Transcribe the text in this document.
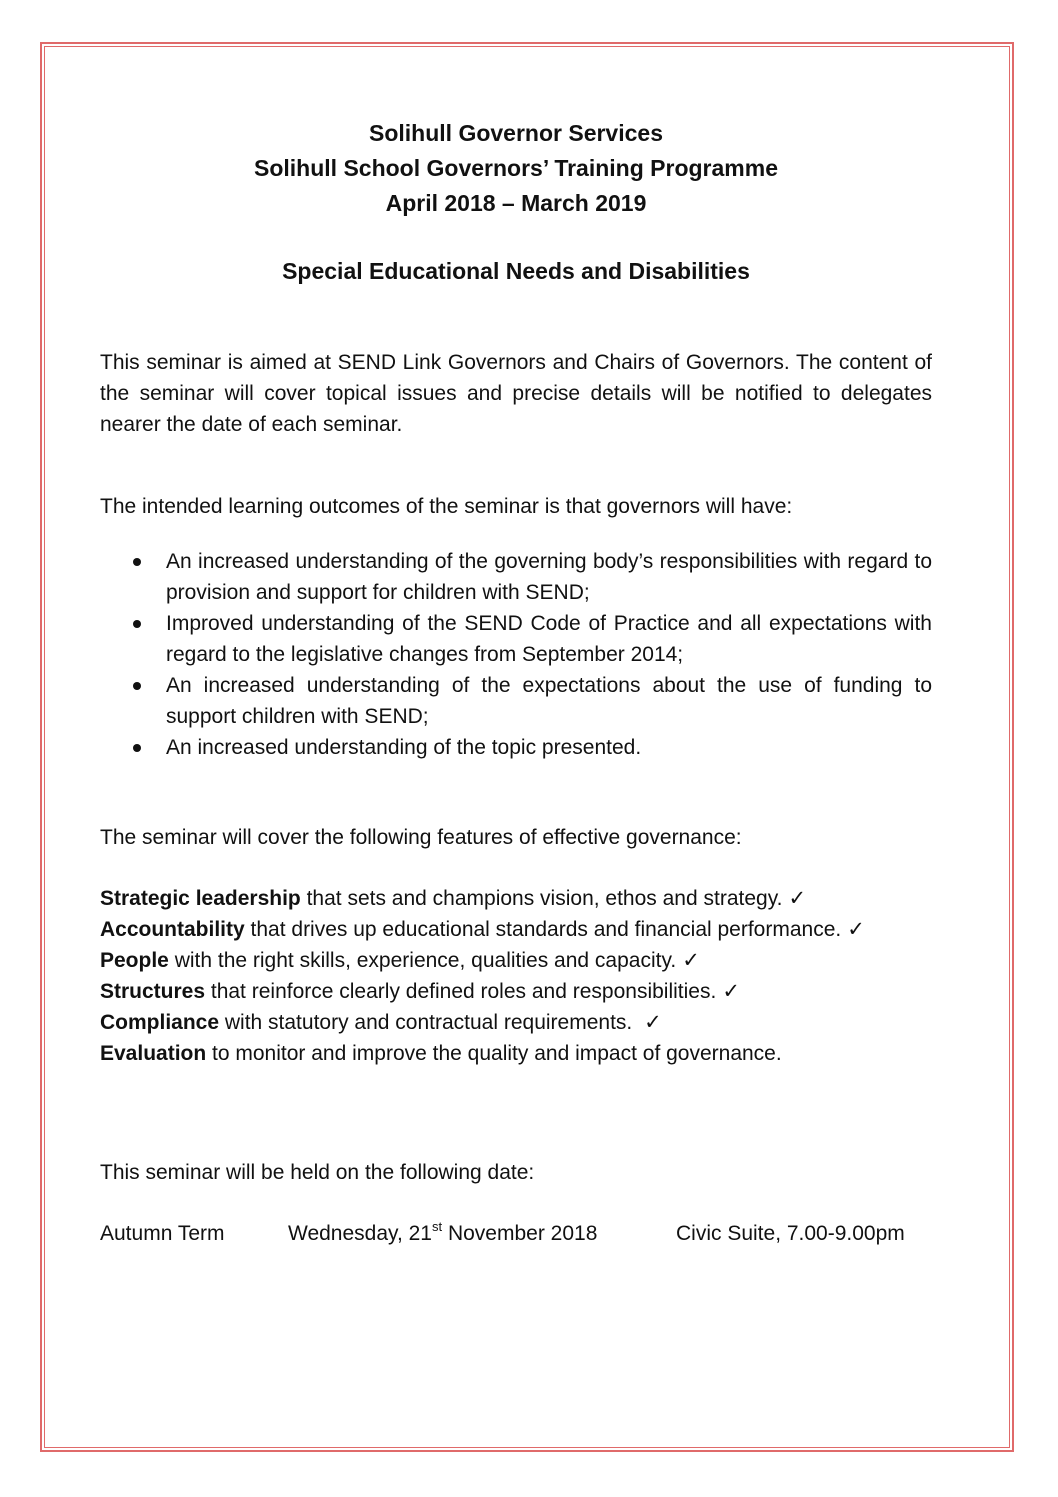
Solihull Governor Services
Solihull School Governors’ Training Programme
April 2018 – March 2019
Special Educational Needs and Disabilities
This seminar is aimed at SEND Link Governors and Chairs of Governors. The content of the seminar will cover topical issues and precise details will be notified to delegates nearer the date of each seminar.
The intended learning outcomes of the seminar is that governors will have:
An increased understanding of the governing body’s responsibilities with regard to provision and support for children with SEND;
Improved understanding of the SEND Code of Practice and all expectations with regard to the legislative changes from September 2014;
An increased understanding of the expectations about the use of funding to support children with SEND;
An increased understanding of the topic presented.
The seminar will cover the following features of effective governance:
Strategic leadership that sets and champions vision, ethos and strategy. ✓
Accountability that drives up educational standards and financial performance. ✓
People with the right skills, experience, qualities and capacity. ✓
Structures that reinforce clearly defined roles and responsibilities. ✓
Compliance with statutory and contractual requirements. ✓
Evaluation to monitor and improve the quality and impact of governance.
This seminar will be held on the following date:
Autumn Term	Wednesday, 21st November 2018	Civic Suite, 7.00-9.00pm
